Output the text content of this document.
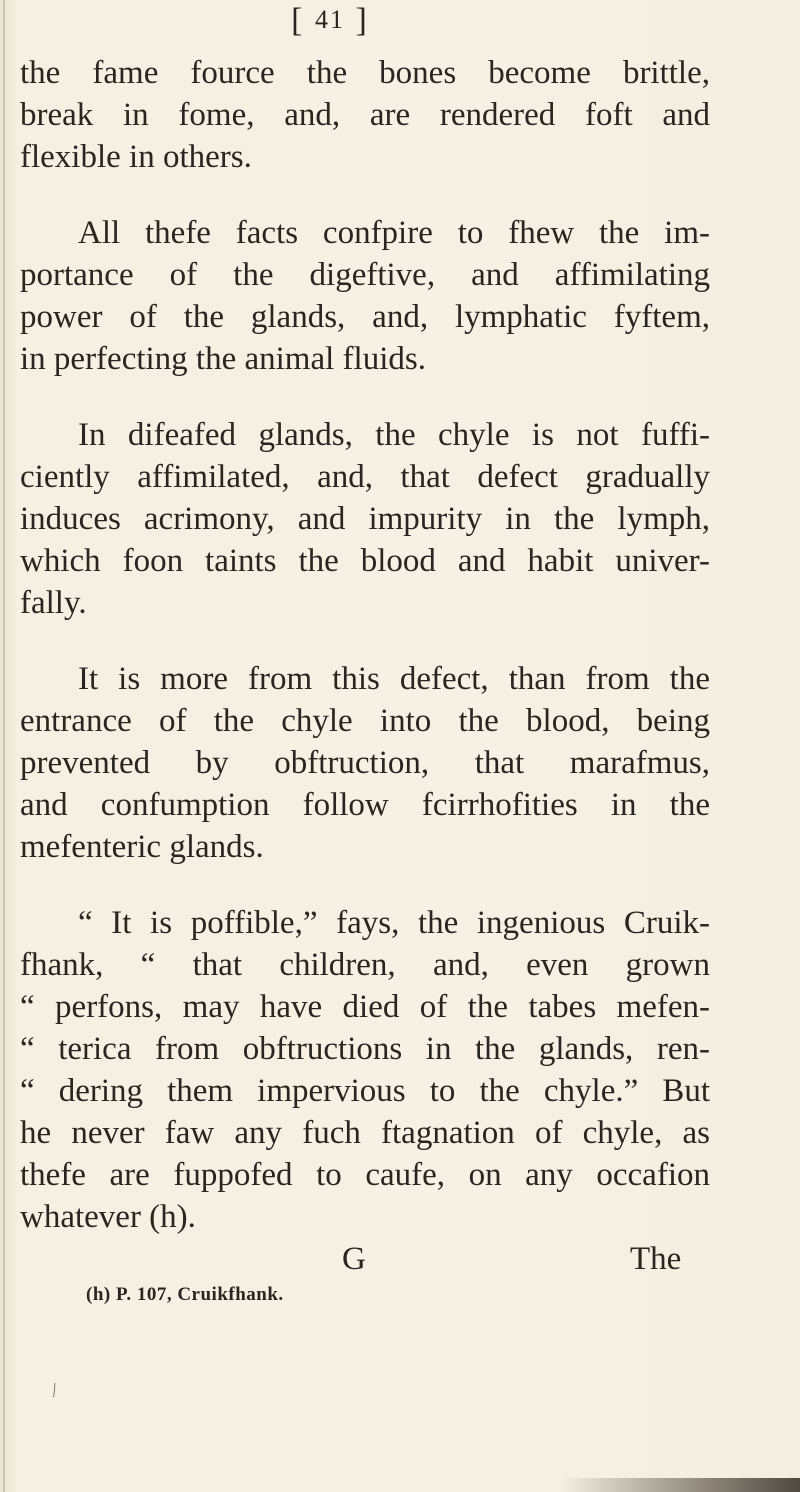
[ 41 ]
the fame fource the bones become brittle,
break in fome, and, are rendered foft and
flexible in others.
All thefe facts confpire to fhew the im-
portance of the digeftive, and affimilating
power of the glands, and, lymphatic fyftem,
in perfecting the animal fluids.
In difeafed glands, the chyle is not fuffi-
ciently affimilated, and, that defect gradually
induces acrimony, and impurity in the lymph,
which foon taints the blood and habit univer-
fally.
It is more from this defect, than from the
entrance of the chyle into the blood, being
prevented by obftruction, that marafmus,
and confumption follow fcirrhofities in the
mefenteric glands.
“ It is poffible,” fays, the ingenious Cruik-
fhank, “ that children, and, even grown
“ perfons, may have died of the tabes mefen-
“ terica from obftructions in the glands, ren-
“ dering them impervious to the chyle.” But
he never faw any fuch ftagnation of chyle, as
thefe are fuppofed to caufe, on any occafion
whatever (h).
G	The
(h) P. 107, Cruikfhank.
⁄
